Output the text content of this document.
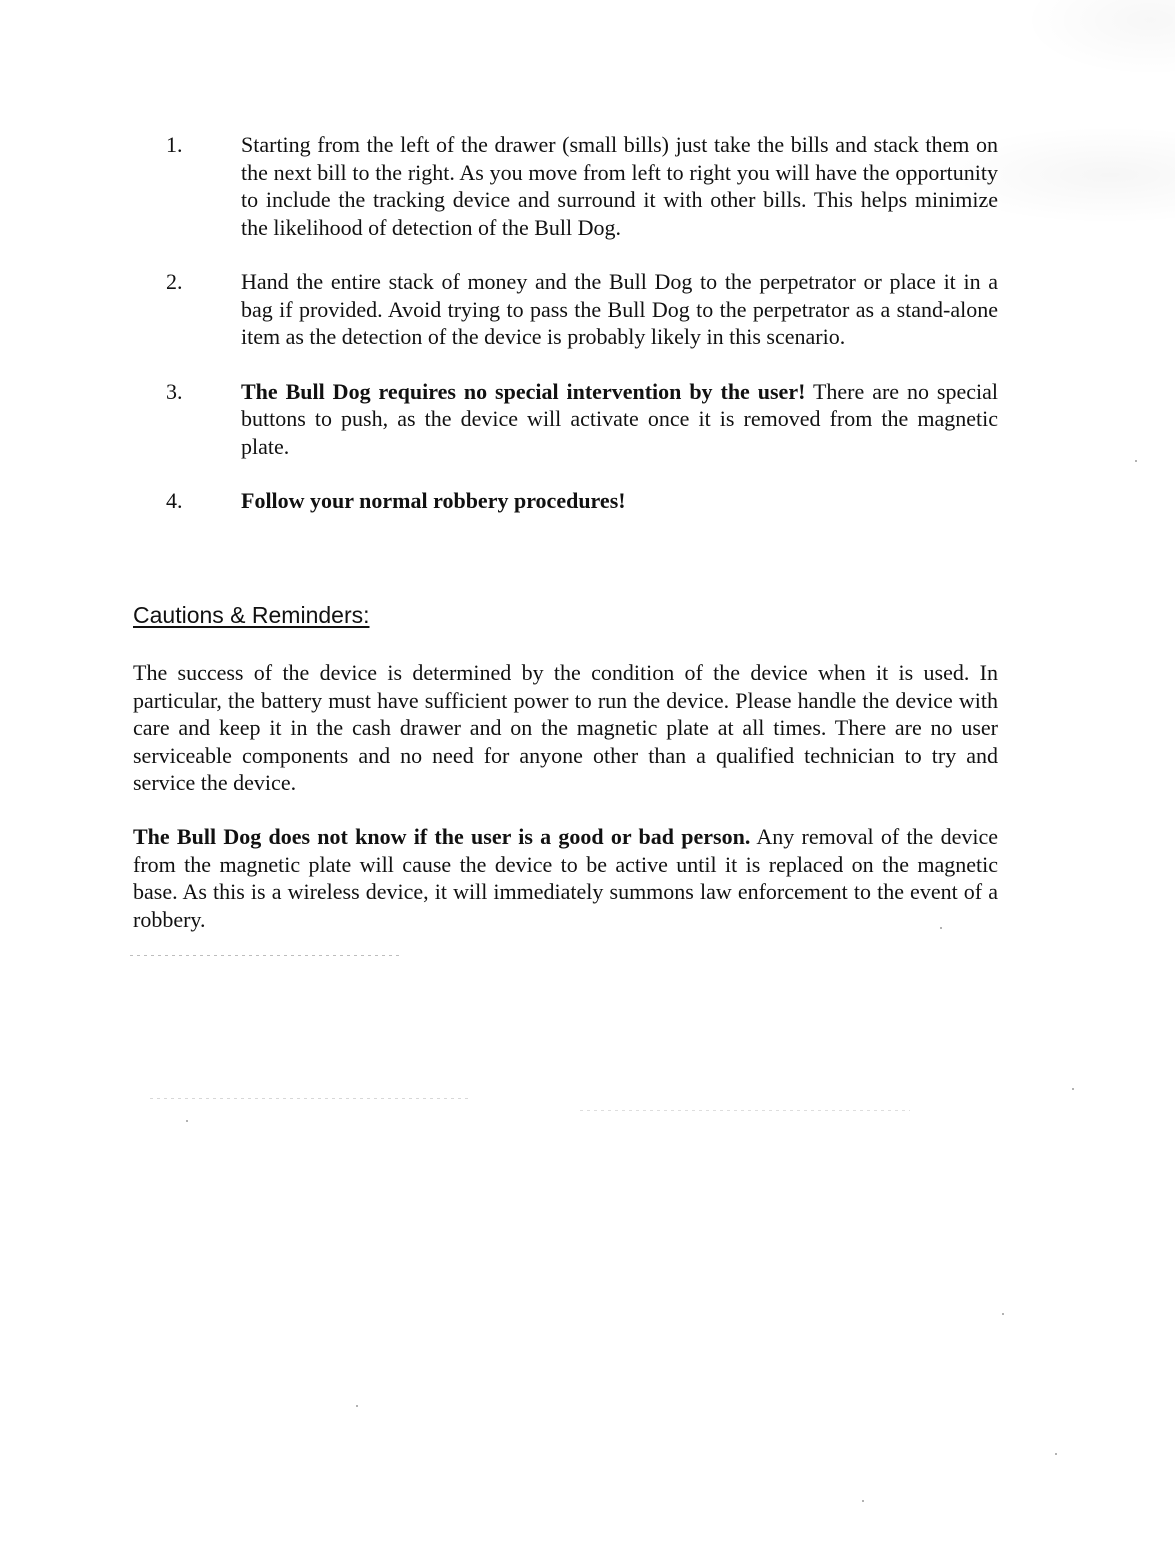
1.	Starting from the left of the drawer (small bills) just take the bills and stack them on the next bill to the right. As you move from left to right you will have the opportunity to include the tracking device and surround it with other bills. This helps minimize the likelihood of detection of the Bull Dog.
2.	Hand the entire stack of money and the Bull Dog to the perpetrator or place it in a bag if provided. Avoid trying to pass the Bull Dog to the perpetrator as a stand-alone item as the detection of the device is probably likely in this scenario.
3.	The Bull Dog requires no special intervention by the user! There are no special buttons to push, as the device will activate once it is removed from the magnetic plate.
4.	Follow your normal robbery procedures!
Cautions & Reminders:

The success of the device is determined by the condition of the device when it is used. In particular, the battery must have sufficient power to run the device. Please handle the device with care and keep it in the cash drawer and on the magnetic plate at all times. There are no user serviceable components and no need for anyone other than a qualified technician to try and service the device.

The Bull Dog does not know if the user is a good or bad person. Any removal of the device from the magnetic plate will cause the device to be active until it is replaced on the magnetic base. As this is a wireless device, it will immediately summons law enforcement to the event of a robbery.
